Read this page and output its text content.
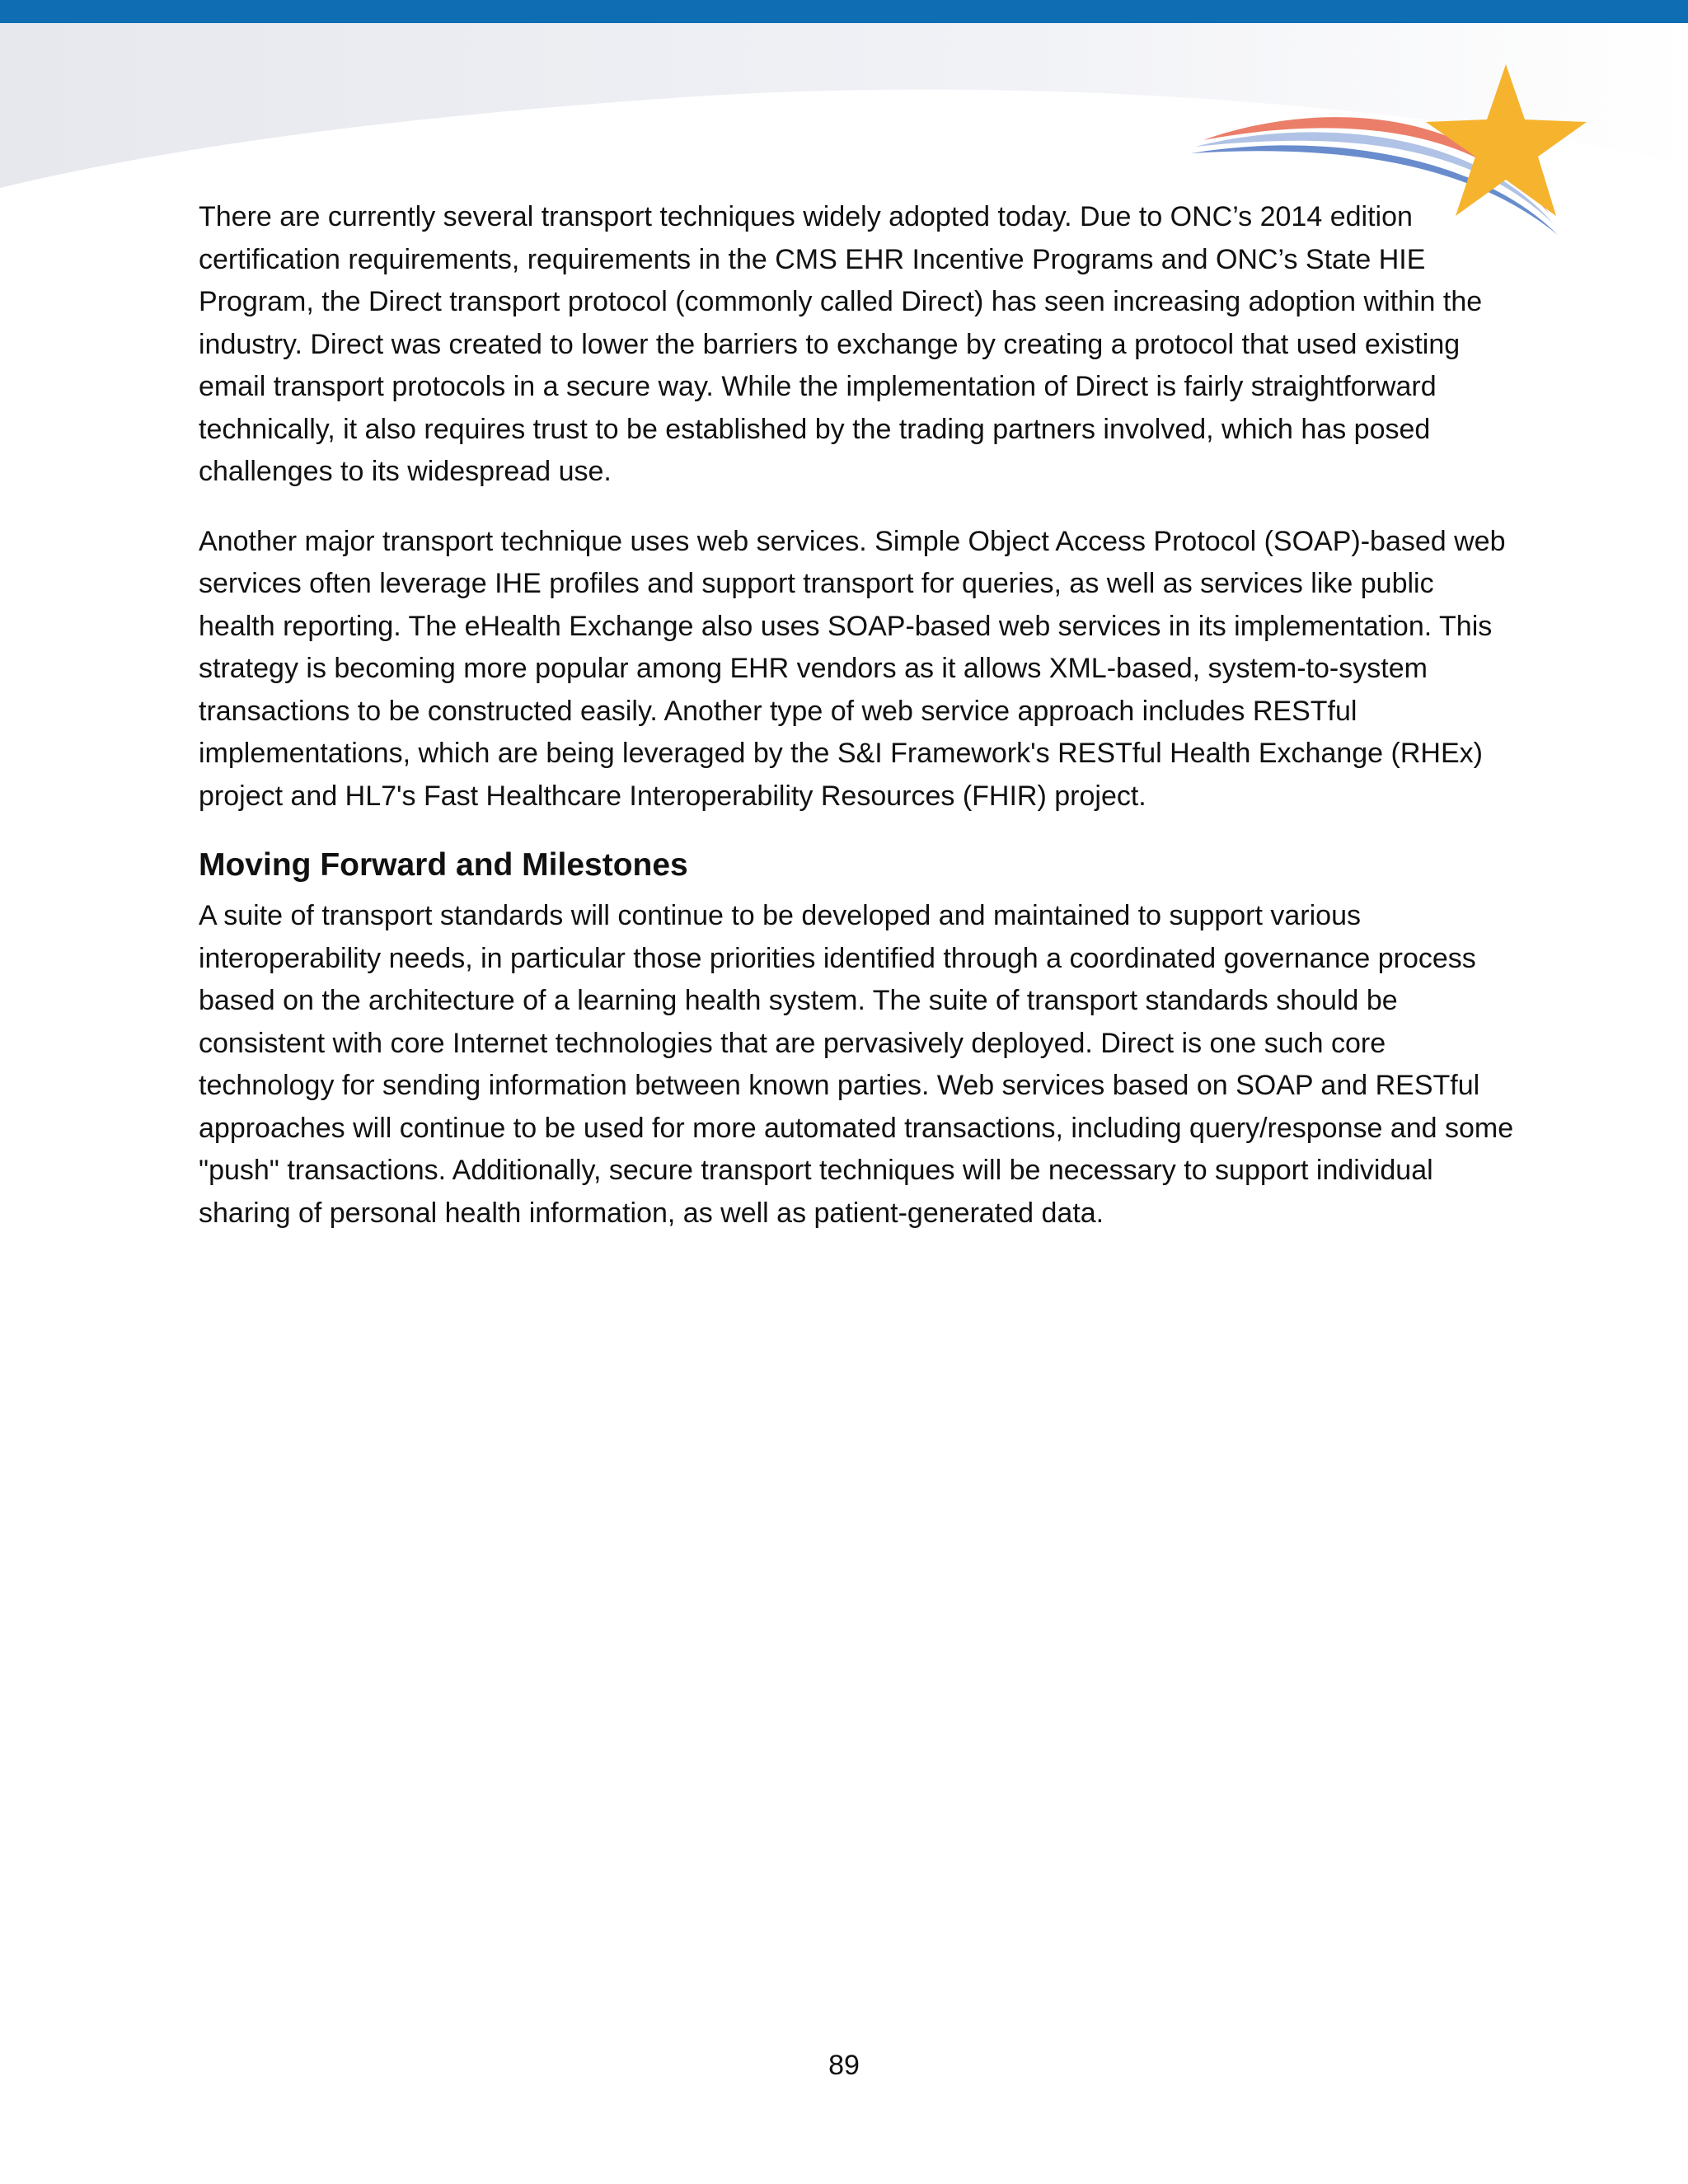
There are currently several transport techniques widely adopted today. Due to ONC’s 2014 edition certification requirements, requirements in the CMS EHR Incentive Programs and ONC’s State HIE Program, the Direct transport protocol (commonly called Direct) has seen increasing adoption within the industry. Direct was created to lower the barriers to exchange by creating a protocol that used existing email transport protocols in a secure way. While the implementation of Direct is fairly straightforward technically, it also requires trust to be established by the trading partners involved, which has posed challenges to its widespread use.

Another major transport technique uses web services. Simple Object Access Protocol (SOAP)-based web services often leverage IHE profiles and support transport for queries, as well as services like public health reporting. The eHealth Exchange also uses SOAP-based web services in its implementation. This strategy is becoming more popular among EHR vendors as it allows XML-based, system-to-system transactions to be constructed easily. Another type of web service approach includes RESTful implementations, which are being leveraged by the S&I Framework's RESTful Health Exchange (RHEx) project and HL7's Fast Healthcare Interoperability Resources (FHIR) project.

Moving Forward and Milestones

A suite of transport standards will continue to be developed and maintained to support various interoperability needs, in particular those priorities identified through a coordinated governance process based on the architecture of a learning health system. The suite of transport standards should be consistent with core Internet technologies that are pervasively deployed. Direct is one such core technology for sending information between known parties. Web services based on SOAP and RESTful approaches will continue to be used for more automated transactions, including query/response and some "push" transactions. Additionally, secure transport techniques will be necessary to support individual sharing of personal health information, as well as patient-generated data.

89
